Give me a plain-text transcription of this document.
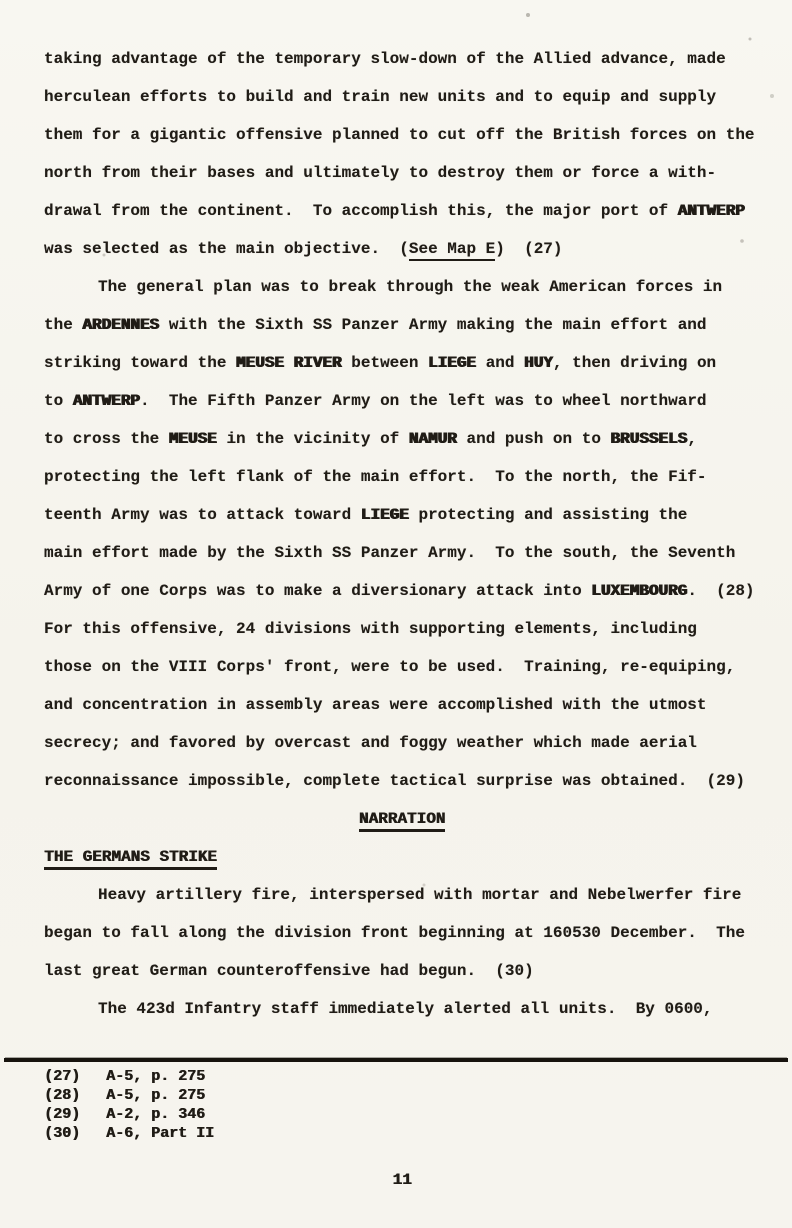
taking advantage of the temporary slow-down of the Allied advance, made
herculean efforts to build and train new units and to equip and supply
them for a gigantic offensive planned to cut off the British forces on the
north from their bases and ultimately to destroy them or force a with-
drawal from the continent.  To accomplish this, the major port of ANTWERP
was selected as the main objective.  (See Map E)  (27)
The general plan was to break through the weak American forces in
the ARDENNES with the Sixth SS Panzer Army making the main effort and
striking toward the MEUSE RIVER between LIEGE and HUY, then driving on
to ANTWERP.  The Fifth Panzer Army on the left was to wheel northward
to cross the MEUSE in the vicinity of NAMUR and push on to BRUSSELS,
protecting the left flank of the main effort.  To the north, the Fif-
teenth Army was to attack toward LIEGE protecting and assisting the
main effort made by the Sixth SS Panzer Army.  To the south, the Seventh
Army of one Corps was to make a diversionary attack into LUXEMBOURG.  (28)
For this offensive, 24 divisions with supporting elements, including
those on the VIII Corps' front, were to be used.  Training, re-equiping,
and concentration in assembly areas were accomplished with the utmost
secrecy; and favored by overcast and foggy weather which made aerial
reconnaissance impossible, complete tactical surprise was obtained.  (29)
NARRATION
THE GERMANS STRIKE
Heavy artillery fire, interspersed with mortar and Nebelwerfer fire
began to fall along the division front beginning at 160530 December.  The
last great German counteroffensive had begun.  (30)
The 423d Infantry staff immediately alerted all units.  By 0600,
(27)	A-5, p. 275
(28)	A-5, p. 275
(29)	A-2, p. 346
(30)	A-6, Part II
11
